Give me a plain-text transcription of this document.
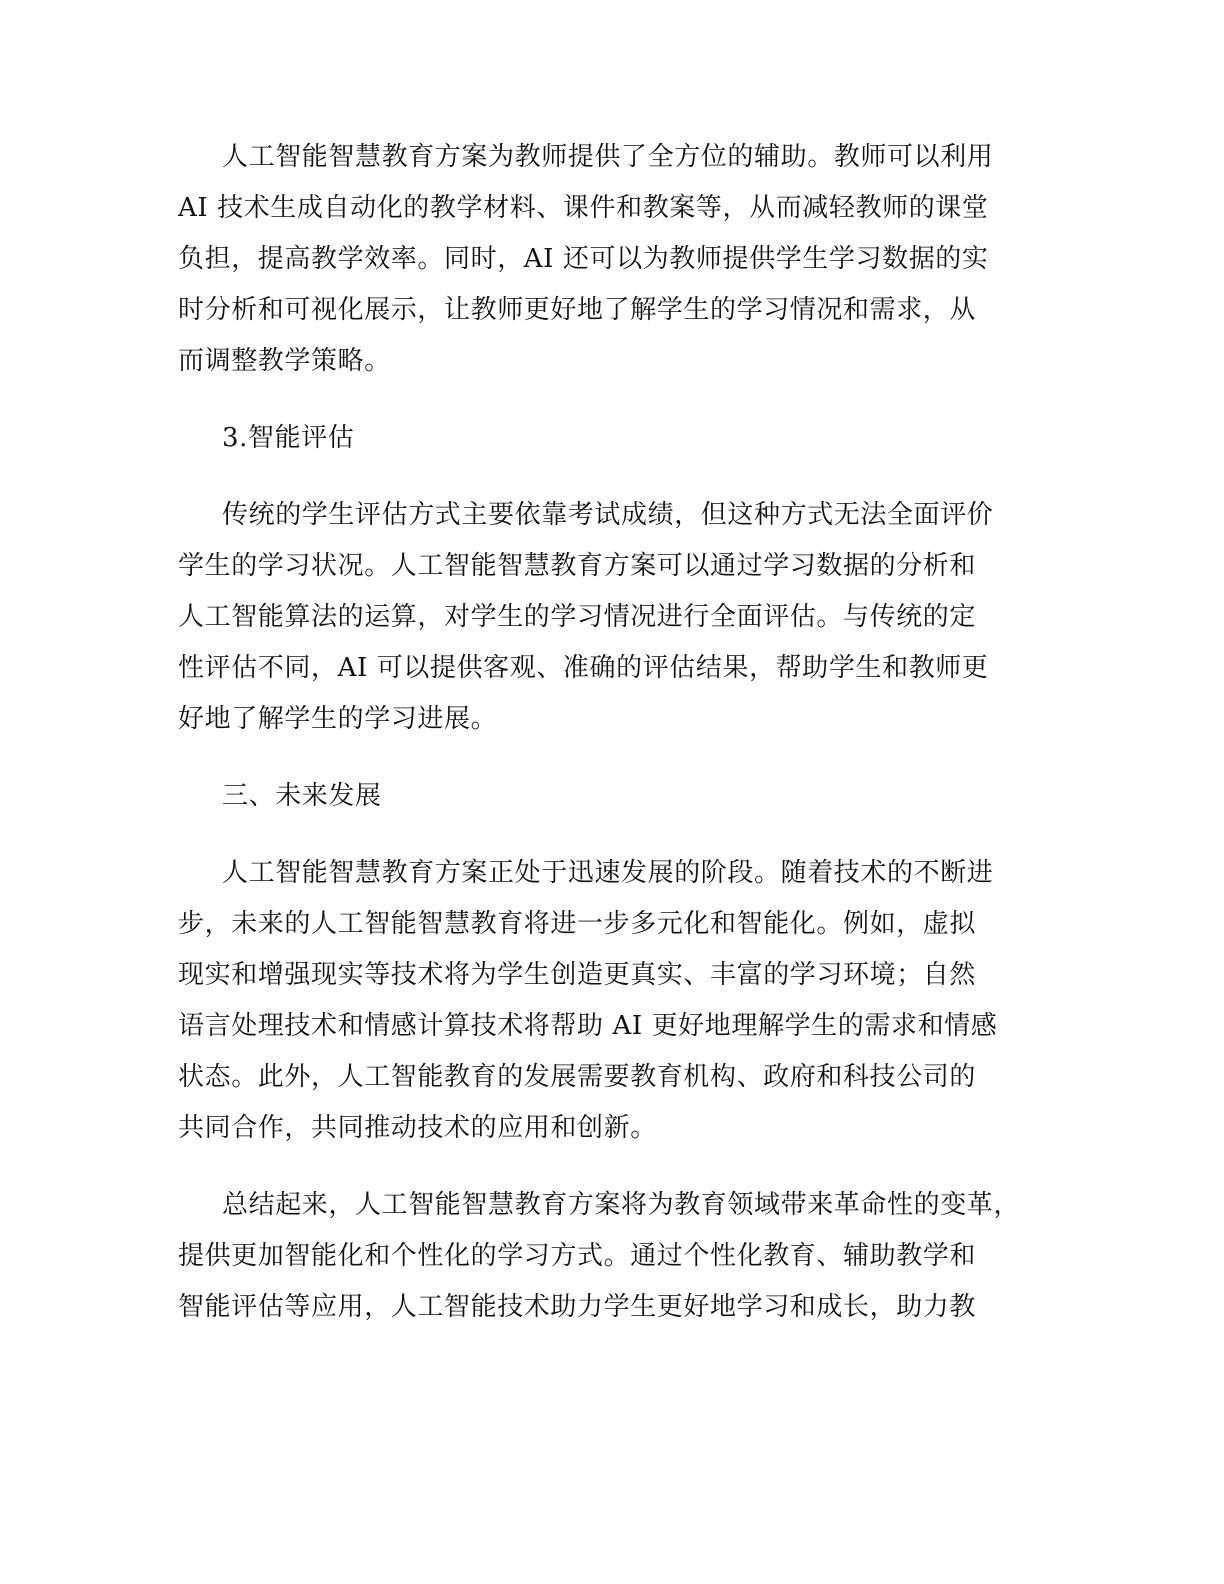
人工智能智慧教育方案为教师提供了全方位的辅助。教师可以利用
AI 技术生成自动化的教学材料、课件和教案等，从而减轻教师的课堂
负担，提高教学效率。同时，AI 还可以为教师提供学生学习数据的实
时分析和可视化展示，让教师更好地了解学生的学习情况和需求，从
而调整教学策略。
3.智能评估
传统的学生评估方式主要依靠考试成绩，但这种方式无法全面评价
学生的学习状况。人工智能智慧教育方案可以通过学习数据的分析和
人工智能算法的运算，对学生的学习情况进行全面评估。与传统的定
性评估不同，AI 可以提供客观、准确的评估结果，帮助学生和教师更
好地了解学生的学习进展。
三、未来发展
人工智能智慧教育方案正处于迅速发展的阶段。随着技术的不断进
步，未来的人工智能智慧教育将进一步多元化和智能化。例如，虚拟
现实和增强现实等技术将为学生创造更真实、丰富的学习环境；自然
语言处理技术和情感计算技术将帮助 AI 更好地理解学生的需求和情感
状态。此外，人工智能教育的发展需要教育机构、政府和科技公司的
共同合作，共同推动技术的应用和创新。
总结起来，人工智能智慧教育方案将为教育领域带来革命性的变革，
提供更加智能化和个性化的学习方式。通过个性化教育、辅助教学和
智能评估等应用，人工智能技术助力学生更好地学习和成长，助力教
